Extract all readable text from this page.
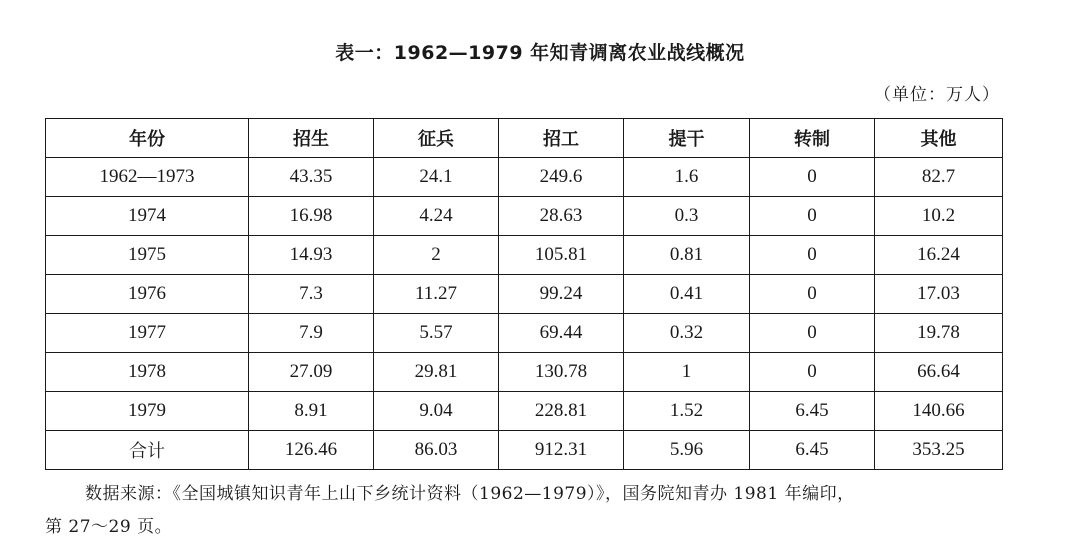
表一：1962—1979 年知青调离农业战线概况
（单位：万人）
年份	招生	征兵	招工	提干	转制	其他
1962—1973	43.35	24.1	249.6	1.6	0	82.7
1974	16.98	4.24	28.63	0.3	0	10.2
1975	14.93	2	105.81	0.81	0	16.24
1976	7.3	11.27	99.24	0.41	0	17.03
1977	7.9	5.57	69.44	0.32	0	19.78
1978	27.09	29.81	130.78	1	0	66.64
1979	8.91	9.04	228.81	1.52	6.45	140.66
合计	126.46	86.03	912.31	5.96	6.45	353.25
数据来源：《全国城镇知识青年上山下乡统计资料（1962—1979）》，国务院知青办 1981 年编印，
第 27～29 页。
